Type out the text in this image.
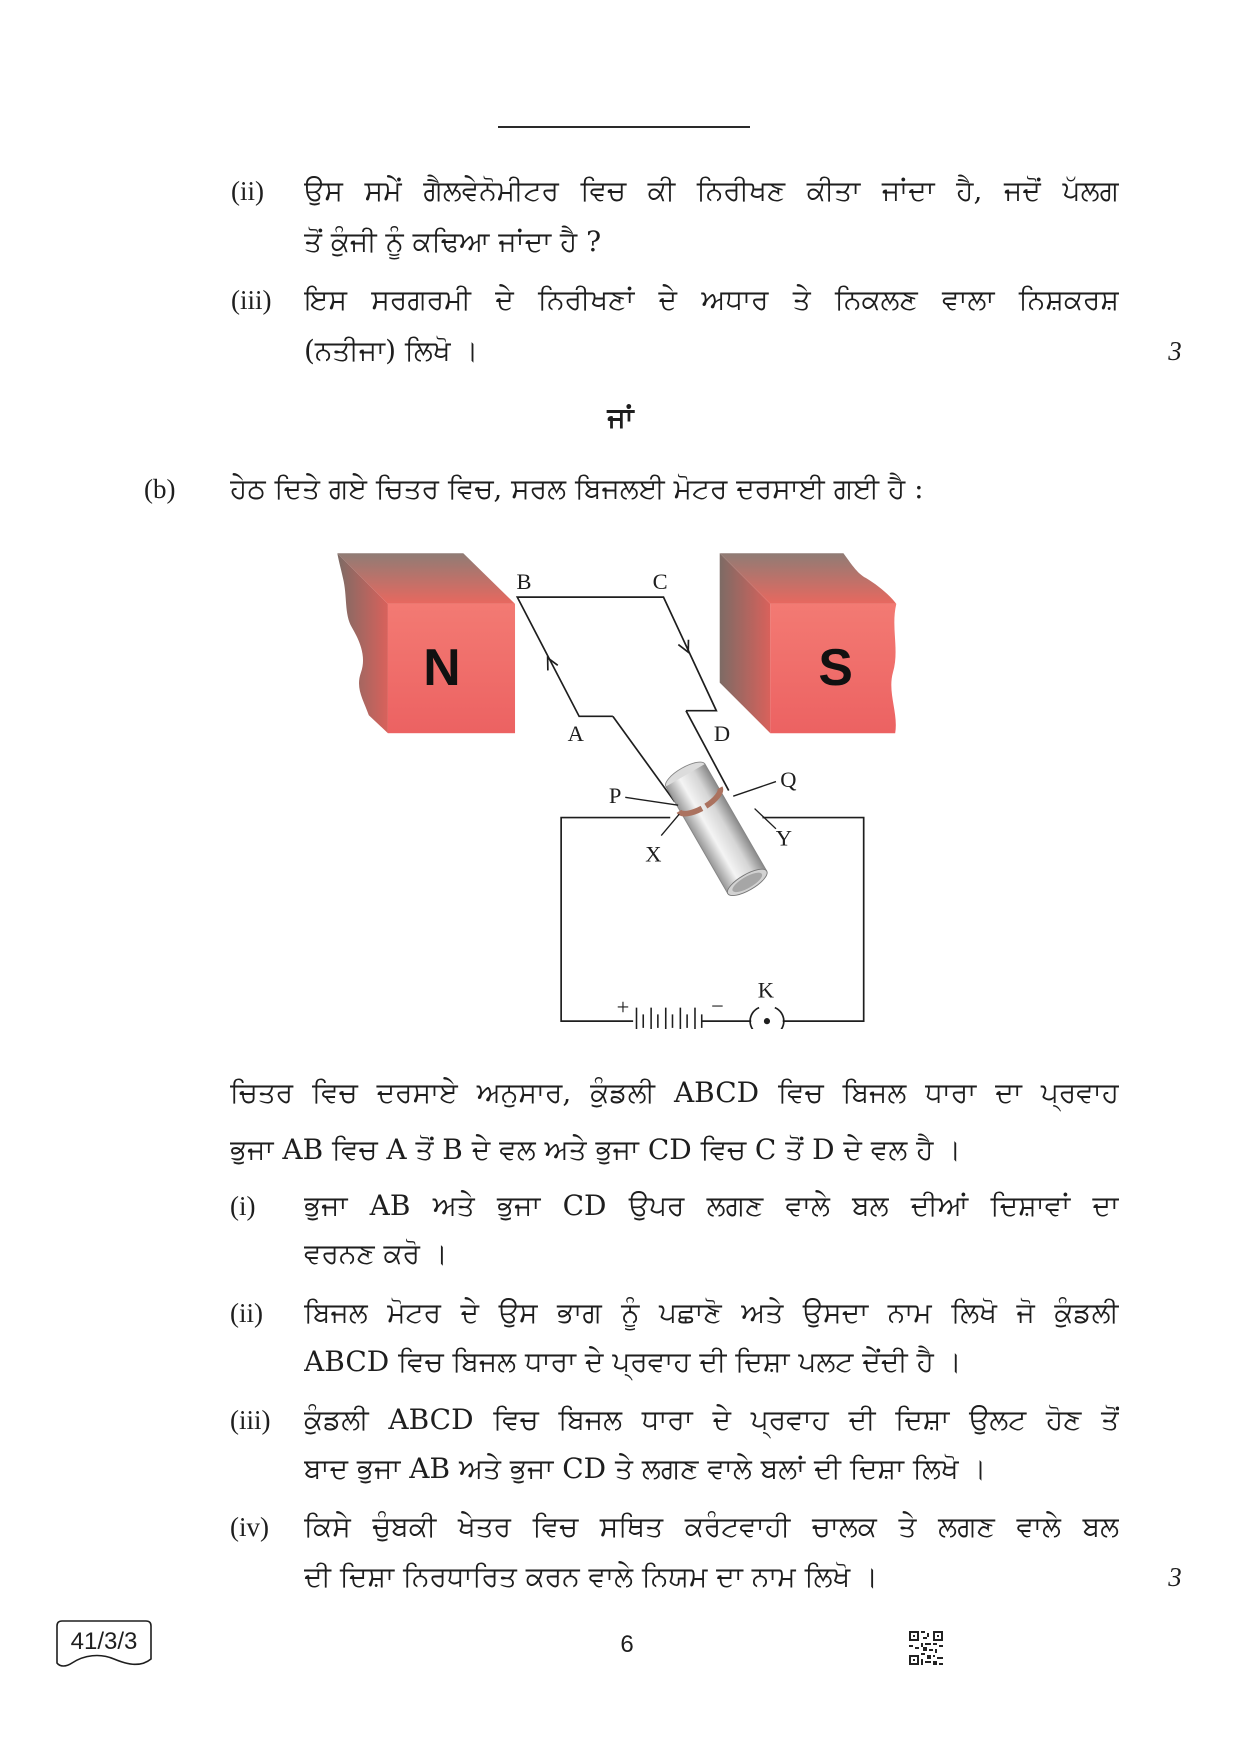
(ii) ਉਸ ਸਮੇਂ ਗੈਲਵੇਨੋਮੀਟਰ ਵਿਚ ਕੀ ਨਿਰੀਖਣ ਕੀਤਾ ਜਾਂਦਾ ਹੈ, ਜਦੋਂ ਪੱਲਗ
ਤੋਂ ਕੁੰਜੀ ਨੂੰ ਕਢਿਆ ਜਾਂਦਾ ਹੈ ?
(iii) ਇਸ ਸਰਗਰਮੀ ਦੇ ਨਿਰੀਖਣਾਂ ਦੇ ਅਧਾਰ ਤੇ ਨਿਕਲਣ ਵਾਲਾ ਨਿਸ਼ਕਰਸ਼
(ਨਤੀਜਾ) ਲਿਖੋ ।	3
ਜਾਂ
(b) ਹੇਠ ਦਿਤੇ ਗਏ ਚਿਤਰ ਵਿਚ, ਸਰਲ ਬਿਜਲਈ ਮੋਟਰ ਦਰਸਾਈ ਗਈ ਹੈ :
N	S
B	C
A	D
P
Q
X
Y
+	−
K
ਚਿਤਰ ਵਿਚ ਦਰਸਾਏ ਅਨੁਸਾਰ, ਕੁੰਡਲੀ ABCD ਵਿਚ ਬਿਜਲ ਧਾਰਾ ਦਾ ਪ੍ਰਵਾਹ
ਭੁਜਾ AB ਵਿਚ A ਤੋਂ B ਦੇ ਵਲ ਅਤੇ ਭੁਜਾ CD ਵਿਚ C ਤੋਂ D ਦੇ ਵਲ ਹੈ ।
(i) ਭੁਜਾ AB ਅਤੇ ਭੁਜਾ CD ਉਪਰ ਲਗਣ ਵਾਲੇ ਬਲ ਦੀਆਂ ਦਿਸ਼ਾਵਾਂ ਦਾ
ਵਰਨਣ ਕਰੋ ।
(ii) ਬਿਜਲ ਮੋਟਰ ਦੇ ਉਸ ਭਾਗ ਨੂੰ ਪਛਾਣੋ ਅਤੇ ਉਸਦਾ ਨਾਮ ਲਿਖੋ ਜੋ ਕੁੰਡਲੀ
ABCD ਵਿਚ ਬਿਜਲ ਧਾਰਾ ਦੇ ਪ੍ਰਵਾਹ ਦੀ ਦਿਸ਼ਾ ਪਲਟ ਦੇਂਦੀ ਹੈ ।
(iii) ਕੁੰਡਲੀ ABCD ਵਿਚ ਬਿਜਲ ਧਾਰਾ ਦੇ ਪ੍ਰਵਾਹ ਦੀ ਦਿਸ਼ਾ ਉਲਟ ਹੋਣ ਤੋਂ
ਬਾਦ ਭੁਜਾ AB ਅਤੇ ਭੁਜਾ CD ਤੇ ਲਗਣ ਵਾਲੇ ਬਲਾਂ ਦੀ ਦਿਸ਼ਾ ਲਿਖੋ ।
(iv) ਕਿਸੇ ਚੁੰਬਕੀ ਖੇਤਰ ਵਿਚ ਸਥਿਤ ਕਰੰਟਵਾਹੀ ਚਾਲਕ ਤੇ ਲਗਣ ਵਾਲੇ ਬਲ
ਦੀ ਦਿਸ਼ਾ ਨਿਰਧਾਰਿਤ ਕਰਨ ਵਾਲੇ ਨਿਯਮ ਦਾ ਨਾਮ ਲਿਖੋ ।	3
41/3/3	6
